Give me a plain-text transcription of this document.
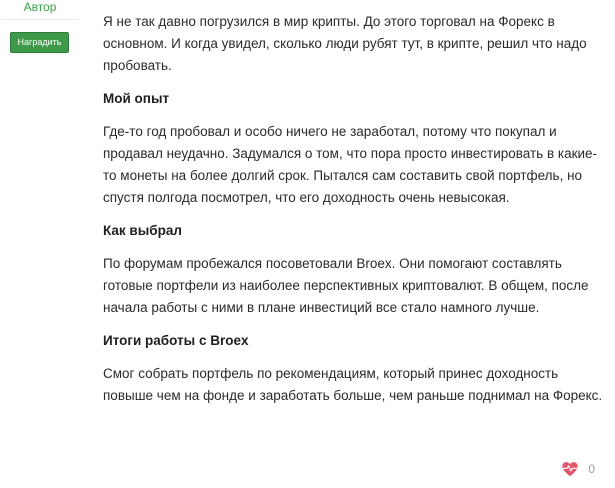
Автор
Наградить

Я не так давно погрузился в мир крипты. До этого торговал на Форекс в основном. И когда увидел, сколько люди рубят тут, в крипте, решил что надо пробовать.

Мой опыт

Где-то год пробовал и особо ничего не заработал, потому что покупал и продавал неудачно. Задумался о том, что пора просто инвестировать в какие-то монеты на более долгий срок. Пытался сам составить свой портфель, но спустя полгода посмотрел, что его доходность очень невысокая.

Как выбрал

По форумам пробежался посоветовали Broex. Они помогают составлять готовые портфели из наиболее перспективных криптовалют. В общем, после начала работы с ними в плане инвестиций все стало намного лучше.

Итоги работы с Broex

Смог собрать портфель по рекомендациям, который принес доходность повыше чем на фонде и заработать больше, чем раньше поднимал на Форекс.

0
